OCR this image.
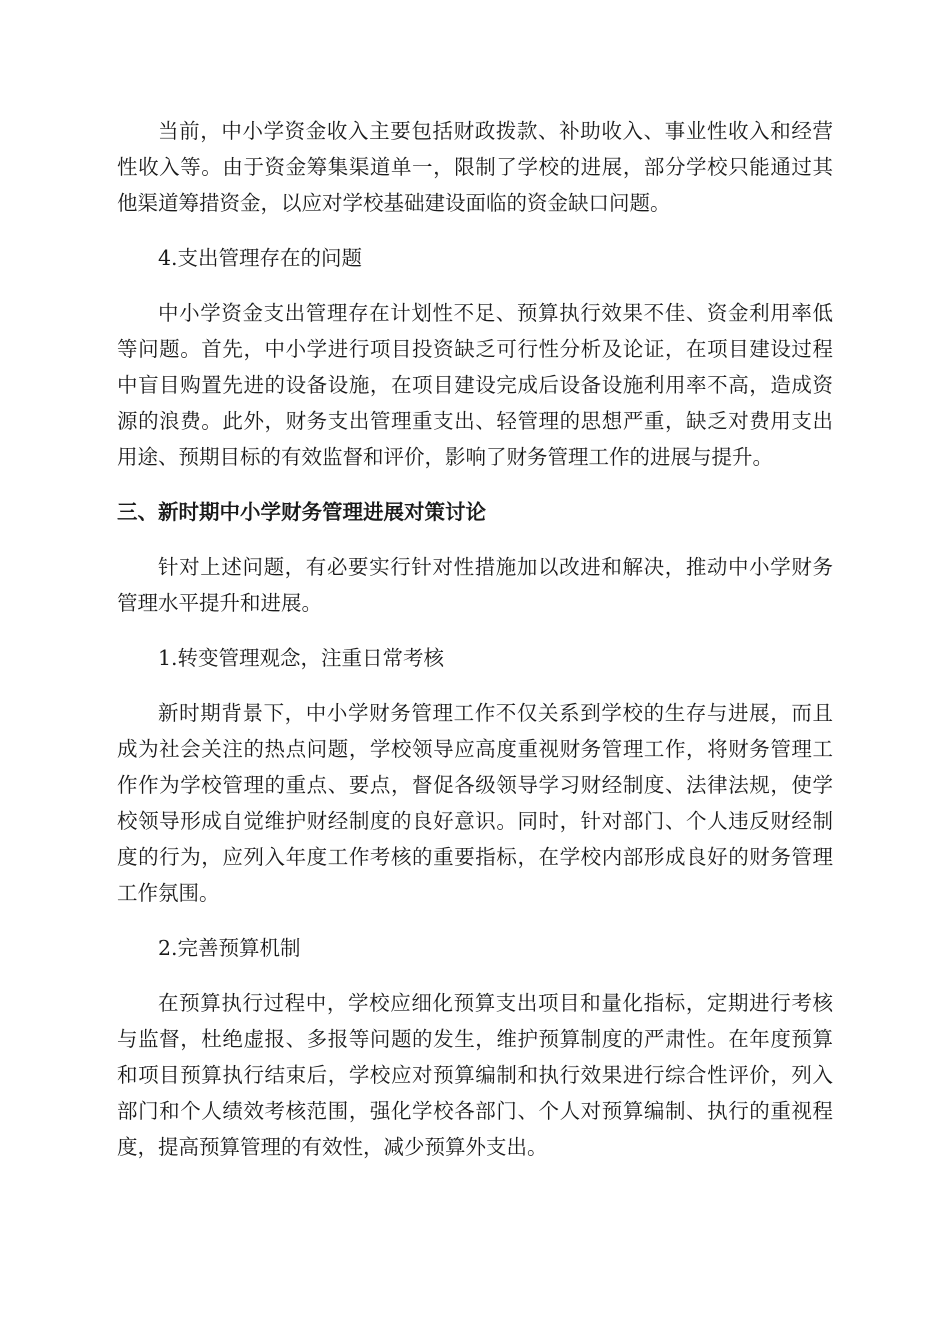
当前，中小学资金收入主要包括财政拨款、补助收入、事业性收入和经营性收入等。由于资金筹集渠道单一，限制了学校的进展，部分学校只能通过其他渠道筹措资金，以应对学校基础建设面临的资金缺口问题。

4.支出管理存在的问题

中小学资金支出管理存在计划性不足、预算执行效果不佳、资金利用率低等问题。首先，中小学进行项目投资缺乏可行性分析及论证，在项目建设过程中盲目购置先进的设备设施，在项目建设完成后设备设施利用率不高，造成资源的浪费。此外，财务支出管理重支出、轻管理的思想严重，缺乏对费用支出用途、预期目标的有效监督和评价，影响了财务管理工作的进展与提升。

三、新时期中小学财务管理进展对策讨论

针对上述问题，有必要实行针对性措施加以改进和解决，推动中小学财务管理水平提升和进展。

1.转变管理观念，注重日常考核

新时期背景下，中小学财务管理工作不仅关系到学校的生存与进展，而且成为社会关注的热点问题，学校领导应高度重视财务管理工作，将财务管理工作作为学校管理的重点、要点，督促各级领导学习财经制度、法律法规，使学校领导形成自觉维护财经制度的良好意识。同时，针对部门、个人违反财经制度的行为，应列入年度工作考核的重要指标，在学校内部形成良好的财务管理工作氛围。

2.完善预算机制

在预算执行过程中，学校应细化预算支出项目和量化指标，定期进行考核与监督，杜绝虚报、多报等问题的发生，维护预算制度的严肃性。在年度预算和项目预算执行结束后，学校应对预算编制和执行效果进行综合性评价，列入部门和个人绩效考核范围，强化学校各部门、个人对预算编制、执行的重视程度，提高预算管理的有效性，减少预算外支出。
